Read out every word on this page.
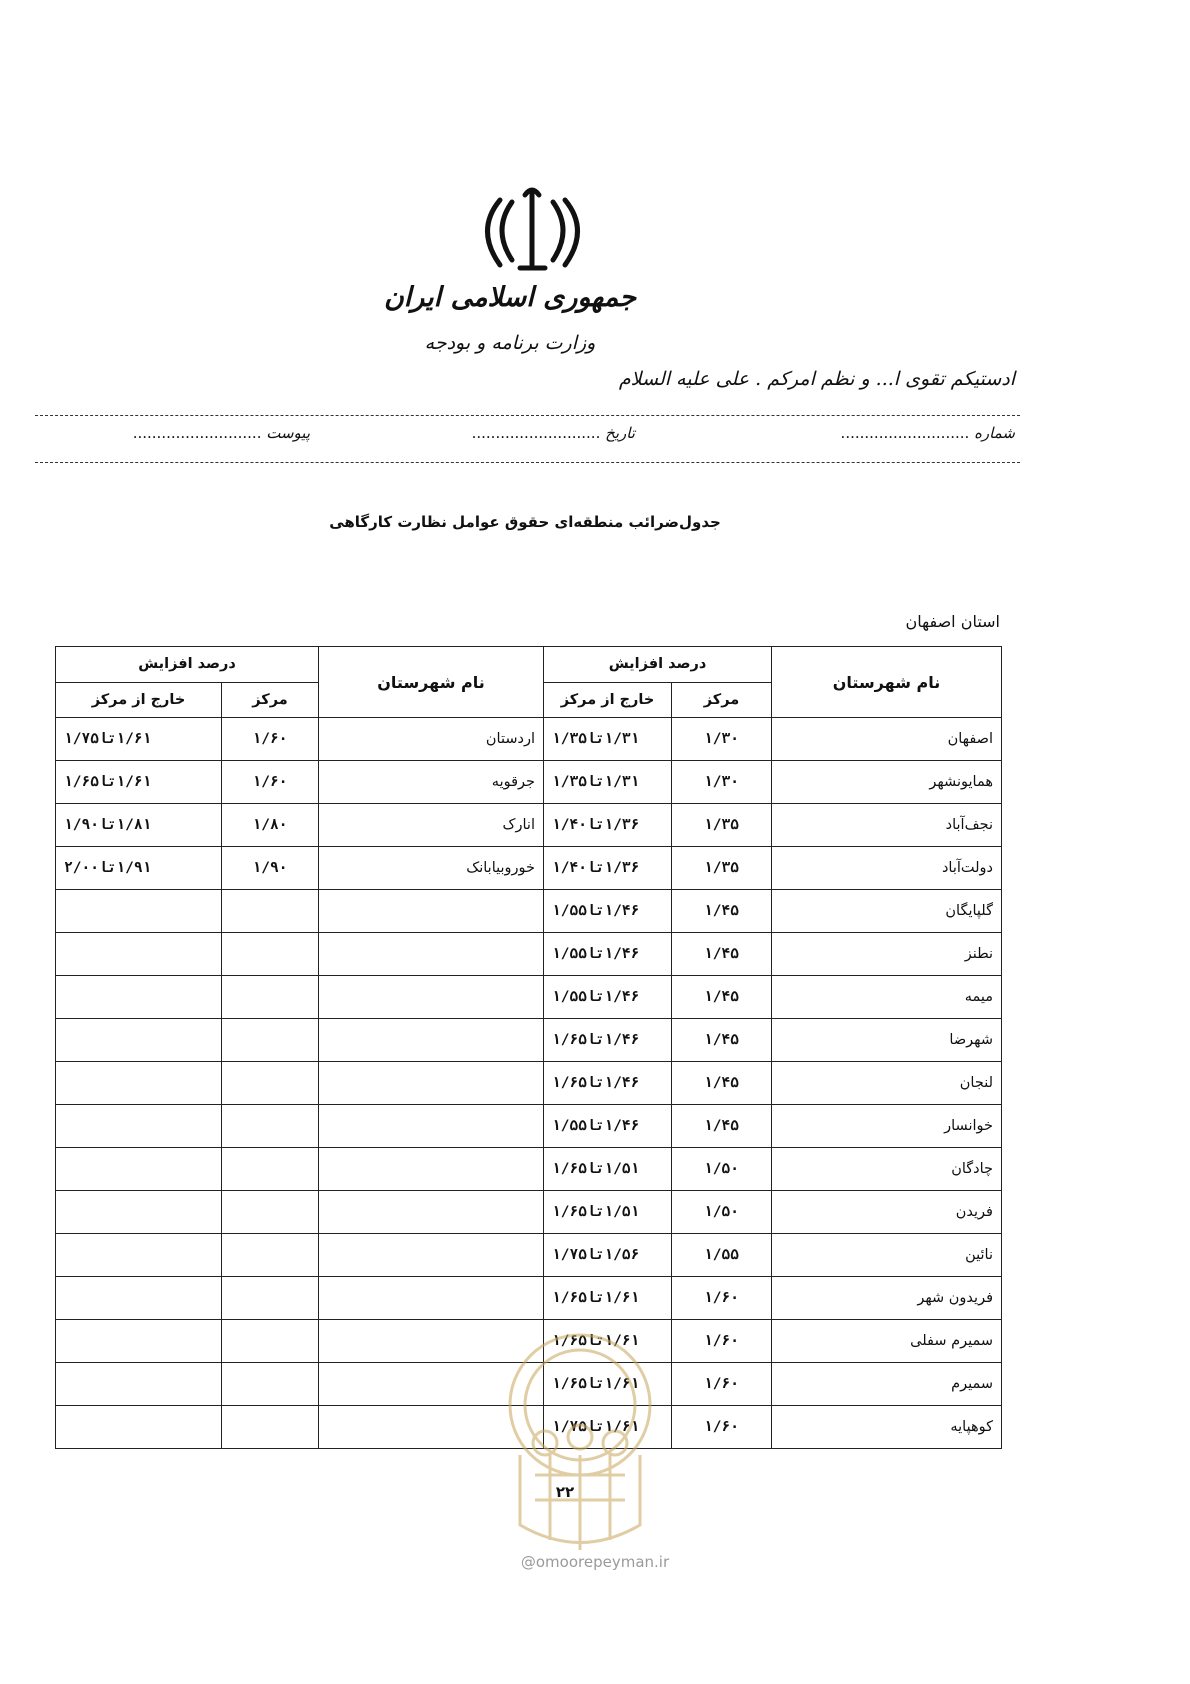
جمهوری اسلامی ایران
وزارت برنامه و بودجه
ادستیکم تقوی ا... و نظم امرکم . علی علیه السلام
شماره ...........................
تاریخ ...........................
پیوست ...........................
جدول‌ضرائب منطقه‌ای حقوق عوامل نظارت کارگاهی
استان اصفهان
نام شهرستان	درصد افزایش		نام شهرستان	درصد افزایش	
	مرکز	خارج از مرکز		مرکز	خارج از مرکز
اصفهان	۱/۳۰	۱/۳۱تا۱/۳۵	اردستان	۱/۶۰	۱/۶۱تا۱/۷۵
همایونشهر	۱/۳۰	۱/۳۱تا۱/۳۵	جرقویه	۱/۶۰	۱/۶۱تا۱/۶۵
نجف‌آباد	۱/۳۵	۱/۳۶تا۱/۴۰	انارک	۱/۸۰	۱/۸۱تا۱/۹۰
دولت‌آباد	۱/۳۵	۱/۳۶تا۱/۴۰	خوروبیابانک	۱/۹۰	۱/۹۱تا۲/۰۰
گلپایگان	۱/۴۵	۱/۴۶تا۱/۵۵			
نطنز	۱/۴۵	۱/۴۶تا۱/۵۵			
میمه	۱/۴۵	۱/۴۶تا۱/۵۵			
شهرضا	۱/۴۵	۱/۴۶تا۱/۶۵			
لنجان	۱/۴۵	۱/۴۶تا۱/۶۵			
خوانسار	۱/۴۵	۱/۴۶تا۱/۵۵			
چادگان	۱/۵۰	۱/۵۱تا۱/۶۵			
فریدن	۱/۵۰	۱/۵۱تا۱/۶۵			
نائین	۱/۵۵	۱/۵۶تا۱/۷۵			
فریدون شهر	۱/۶۰	۱/۶۱تا۱/۶۵			
سمیرم سفلی	۱/۶۰	۱/۶۱تا۱/۶۵			
سمیرم	۱/۶۰	۱/۶۱تا۱/۶۵			
کوهپایه	۱/۶۰	۱/۶۱تا۱/۷۵			
۲۲
@omoorepeyman.ir
